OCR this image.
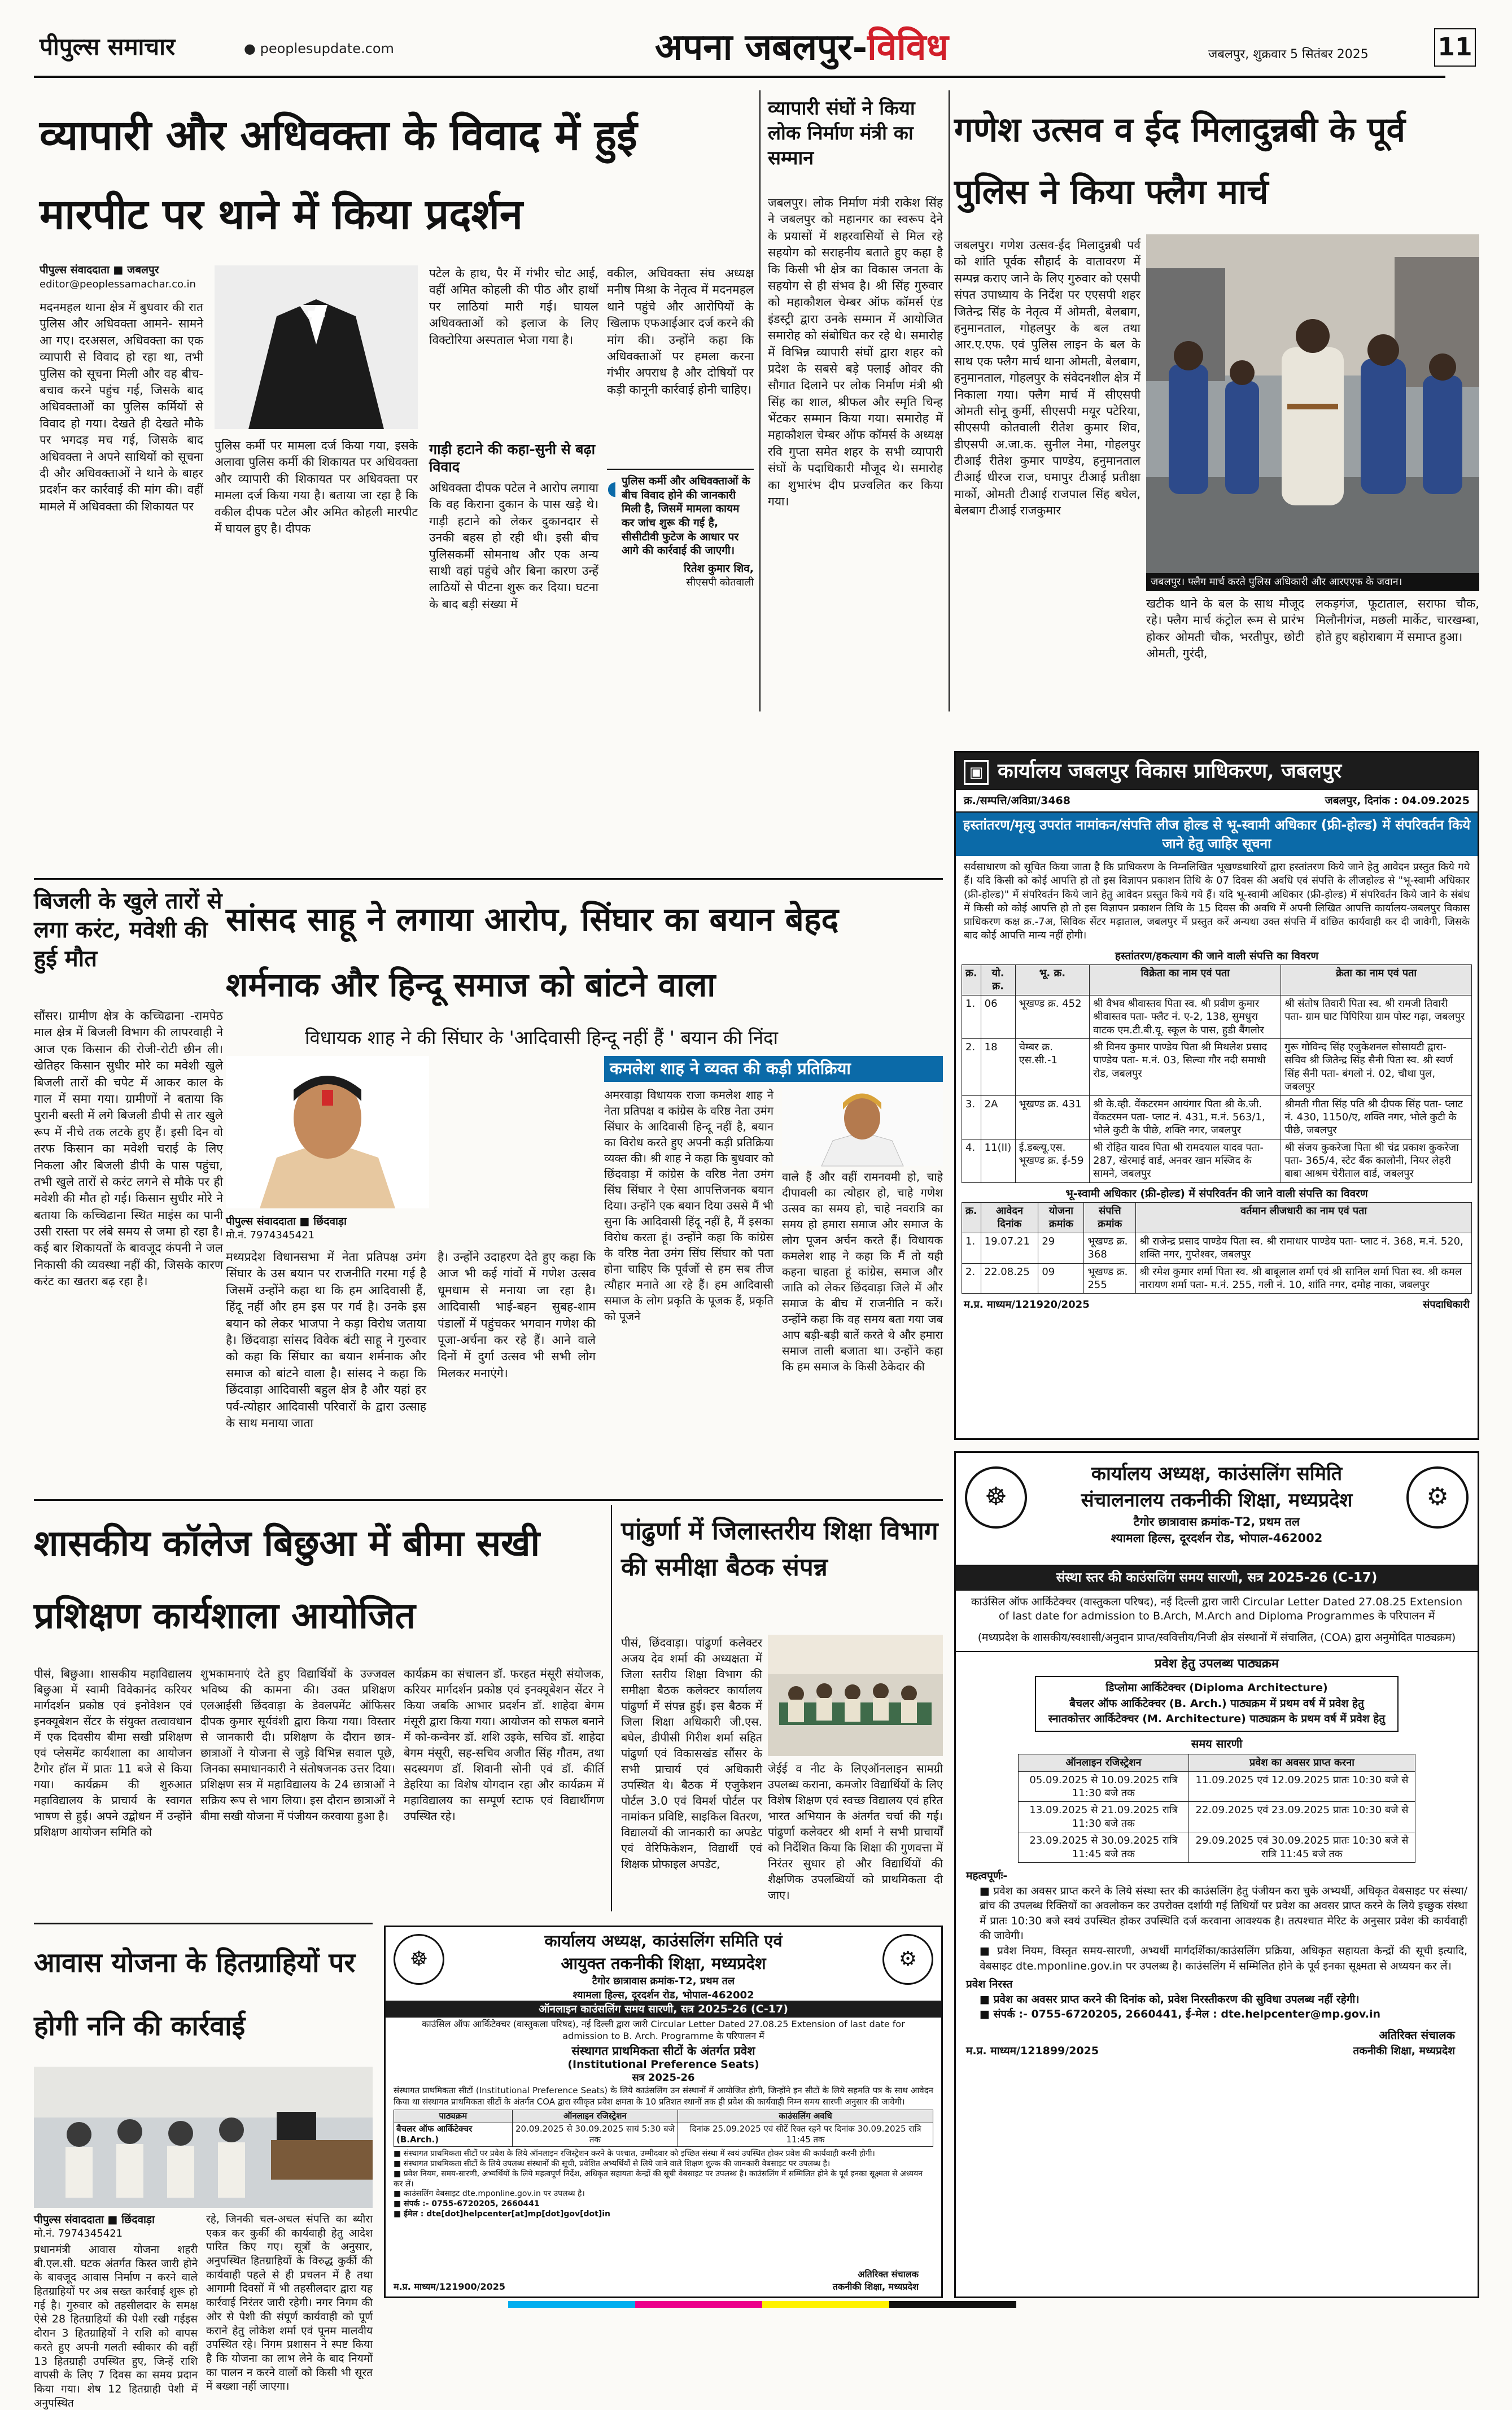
पीपुल्स समाचार	● peoplesupdate.com	अपना जबलपुर-विविध	जबलपुर, शुक्रवार 5 सितंबर 2025	11
व्यापारी और अधिवक्ता के विवाद में हुई मारपीट पर थाने में किया प्रदर्शन
पीपुल्स संवाददाता ■ जबलपुर
editor@peoplessamachar.co.in
मदनमहल थाना क्षेत्र में बुधवार की रात पुलिस और अधिवक्ता आमने- सामने आ गए। दरअसल, अधिवक्ता का एक व्यापारी से विवाद हो रहा था, तभी पुलिस को सूचना मिली और वह बीच- बचाव करने पहुंच गई, जिसके बाद अधिवक्ताओं का पुलिस कर्मियों से विवाद हो गया। देखते ही देखते मौके पर भगदड़ मच गई, जिसके बाद अधिवक्ता ने अपने साथियों को सूचना दी और अधिवक्ताओं ने थाने के बाहर प्रदर्शन कर कार्रवाई की मांग की। वहीं मामले में अधिवक्ता की शिकायत पर
पुलिस कर्मी पर मामला दर्ज किया गया, इसके अलावा पुलिस कर्मी की शिकायत पर अधिवक्ता और व्यापारी की शिकायत पर अधिवक्ता पर मामला दर्ज किया गया है। बताया जा रहा है कि वकील दीपक पटेल और अमित कोहली मारपीट में घायल हुए है। दीपक
पटेल के हाथ, पैर में गंभीर चोट आई, वहीं अमित कोहली की पीठ और हाथों पर लाठियां मारी गई। घायल अधिवक्ताओं को इलाज के लिए विक्टोरिया अस्पताल भेजा गया है।
गाड़ी हटाने की कहा-सुनी से बढ़ा विवाद
अधिवक्ता दीपक पटेल ने आरोप लगाया कि वह किराना दुकान के पास खड़े थे। गाड़ी हटाने को लेकर दुकानदार से उनकी बहस हो रही थी। इसी बीच पुलिसकर्मी सोमनाथ और एक अन्य साथी वहां पहुंचे और बिना कारण उन्हें लाठियों से पीटना शुरू कर दिया। घटना के बाद बड़ी संख्या में
वकील, अधिवक्ता संघ अध्यक्ष मनीष मिश्रा के नेतृत्व में मदनमहल थाने पहुंचे और आरोपियों के खिलाफ एफआईआर दर्ज करने की मांग की। उन्होंने कहा कि अधिवक्ताओं पर हमला करना गंभीर अपराध है और दोषियों पर कड़ी कानूनी कार्रवाई होनी चाहिए।
◖ पुलिस कर्मी और अधिवक्ताओं के बीच विवाद होने की जानकारी मिली है, जिसमें मामला कायम कर जांच शुरू की गई है, सीसीटीवी फुटेज के आधार पर आगे की कार्रवाई की जाएगी।
रितेश कुमार शिव,
सीएसपी कोतवाली
व्यापारी संघों ने किया लोक निर्माण मंत्री का सम्मान
जबलपुर। लोक निर्माण मंत्री राकेश सिंह ने जबलपुर को महानगर का स्वरूप देने के प्रयासों में शहरवासियों से मिल रहे सहयोग को सराहनीय बताते हुए कहा है कि किसी भी क्षेत्र का विकास जनता के सहयोग से ही संभव है। श्री सिंह गुरुवार को महाकौशल चेम्बर ऑफ कॉमर्स एंड इंडस्ट्री द्वारा उनके सम्मान में आयोजित समारोह को संबोधित कर रहे थे। समारोह में विभिन्न व्यापारी संघों द्वारा शहर को प्रदेश के सबसे बड़े फ्लाई ओवर की सौगात दिलाने पर लोक निर्माण मंत्री श्री सिंह का शाल, श्रीफल और स्मृति चिन्ह भेंटकर सम्मान किया गया। समारोह में महाकौशल चेम्बर ऑफ कॉमर्स के अध्यक्ष रवि गुप्ता समेत शहर के सभी व्यापारी संघों के पदाधिकारी मौजूद थे। समारोह का शुभारंभ दीप प्रज्वलित कर किया गया।
गणेश उत्सव व ईद मिलादुन्नबी के पूर्व पुलिस ने किया फ्लैग मार्च
जबलपुर। गणेश उत्सव-ईद मिलादुन्नबी पर्व को शांति पूर्वक सौहार्द के वातावरण में सम्पन्न कराए जाने के लिए गुरुवार को एसपी संपत उपाध्याय के निर्देश पर एएसपी शहर जितेन्द्र सिंह के नेतृत्व में ओमती, बेलबाग, हनुमानताल, गोहलपुर के बल तथा आर.ए.एफ. एवं पुलिस लाइन के बल के साथ एक फ्लैग मार्च थाना ओमती, बेलबाग, हनुमानताल, गोहलपुर के संवेदनशील क्षेत्र में निकाला गया। फ्लैग मार्च में सीएसपी ओमती सोनू कुर्मी, सीएसपी मयूर पटेरिया, सीएसपी कोतवाली रीतेश कुमार शिव, डीएसपी अ.जा.क. सुनील नेमा, गोहलपुर टीआई रीतेश कुमार पाण्डेय, हनुमानताल टीआई धीरज राज, घमापुर टीआई प्रतीक्षा मार्को, ओमती टीआई राजपाल सिंह बघेल, बेलबाग टीआई राजकुमार
जबलपुर। फ्लैग मार्च करते पुलिस अधिकारी और आरएएफ के जवान।
खटीक थाने के बल के साथ मौजूद रहे। फ्लैग मार्च कंट्रोल रूम से प्रारंभ होकर ओमती चौक, भरतीपुर, छोटी ओमती, गुरंदी,
लकड़गंज, फूटाताल, सराफा चौक, मिलौनीगंज, मछली मार्केट, चारखम्बा, होते हुए बहोराबाग में समाप्त हुआ।
बिजली के खुले तारों से लगा करंट, मवेशी की हुई मौत
सौंसर। ग्रामीण क्षेत्र के कच्चिढाना -रामपेठ माल क्षेत्र में बिजली विभाग की लापरवाही ने आज एक किसान की रोजी-रोटी छीन ली। खेतिहर किसान सुधीर मोरे का मवेशी खुले बिजली तारों की चपेट में आकर काल के गाल में समा गया। ग्रामीणों ने बताया कि पुरानी बस्ती में लगे बिजली डीपी से तार खुले रूप में नीचे तक लटके हुए हैं। इसी दिन वो तरफ किसान का मवेशी चराई के लिए निकला और बिजली डीपी के पास पहुंचा, तभी खुले तारों से करंट लगने से मौके पर ही मवेशी की मौत हो गई। किसान सुधीर मोरे ने बताया कि कच्चिढाना स्थित माइंस का पानी उसी रास्ता पर लंबे समय से जमा हो रहा है। कई बार शिकायतों के बावजूद कंपनी ने जल निकासी की व्यवस्था नहीं की, जिसके कारण करंट का खतरा बढ़ रहा है।
सांसद साहू ने लगाया आरोप, सिंघार का बयान बेहद शर्मनाक और हिन्दू समाज को बांटने वाला
विधायक शाह ने की सिंघार के 'आदिवासी हिन्दू नहीं हैं ' बयान की निंदा
पीपुल्स संवाददाता ■ छिंदवाड़ा
मो.नं. 7974345421
मध्यप्रदेश विधानसभा में नेता प्रतिपक्ष उमंग सिंघार के उस बयान पर राजनीति गरमा गई है जिसमें उन्होंने कहा था कि हम आदिवासी हैं, हिंदू नहीं और हम इस पर गर्व है। उनके इस बयान को लेकर भाजपा ने कड़ा विरोध जताया है। छिंदवाड़ा सांसद विवेक बंटी साहू ने गुरुवार को कहा कि सिंघार का बयान शर्मनाक और समाज को बांटने वाला है। सांसद ने कहा कि छिंदवाड़ा आदिवासी बहुल क्षेत्र है और यहां हर पर्व-त्योहार आदिवासी परिवारों के द्वारा उत्साह के साथ मनाया जाता
है। उन्होंने उदाहरण देते हुए कहा कि आज भी कई गांवों में गणेश उत्सव धूमधाम से मनाया जा रहा है। आदिवासी भाई-बहन सुबह-शाम पंडालों में पहुंचकर भगवान गणेश की पूजा-अर्चना कर रहे हैं। आने वाले दिनों में दुर्गा उत्सव भी सभी लोग मिलकर मनाएंगे।
कमलेश शाह ने व्यक्त की कड़ी प्रतिक्रिया
अमरवाड़ा विधायक राजा कमलेश शाह ने नेता प्रतिपक्ष व कांग्रेस के वरिष्ठ नेता उमंग सिंघार के आदिवासी हिन्दू नहीं है, बयान का विरोध करते हुए अपनी कड़ी प्रतिक्रिया व्यक्त की। श्री शाह ने कहा कि बुधवार को छिंदवाड़ा में कांग्रेस के वरिष्ठ नेता उमंग सिंघ सिंघार ने ऐसा आपत्तिजनक बयान दिया। उन्होंने एक बयान दिया उससे मैं भी सुना कि आदिवासी हिंदू नहीं है, मैं इसका विरोध करता हूं। उन्होंने कहा कि कांग्रेस के वरिष्ठ नेता उमंग सिंघ सिंघार को पता होना चाहिए कि पूर्वजों से हम सब तीज त्यौहार मनाते आ रहे हैं। हम आदिवासी समाज के लोग प्रकृति के पूजक हैं, प्रकृति को पूजने
वाले हैं और वहीं रामनवमी हो, चाहे दीपावली का त्योहार हो, चाहे गणेश उत्सव का समय हो, चाहे नवरात्रि का समय हो हमारा समाज और समाज के लोग पूजन अर्चन करते हैं। विधायक कमलेश शाह ने कहा कि मैं तो यही कहना चाहता हूं कांग्रेस, समाज और जाति को लेकर छिंदवाड़ा जिले में और समाज के बीच में राजनीति न करें। उन्होंने कहा कि वह समय बता गया जब आप बड़ी-बड़ी बातें करते थे और हमारा समाज ताली बजाता था। उन्होंने कहा कि हम समाज के किसी ठेकेदार की
शासकीय कॉलेज बिछुआ में बीमा सखी प्रशिक्षण कार्यशाला आयोजित
पीसं, बिछुआ। शासकीय महाविद्यालय बिछुआ में स्वामी विवेकानंद करियर मार्गदर्शन प्रकोष्ठ एवं इनोवेशन एवं इनक्यूबेशन सेंटर के संयुक्त तत्वावधान में एक दिवसीय बीमा सखी प्रशिक्षण एवं प्लेसमेंट कार्यशाला का आयोजन टैगोर हॉल में प्रातः 11 बजे से किया गया। कार्यक्रम की शुरुआत महाविद्यालय के प्राचार्य के स्वागत भाषण से हुई। अपने उद्बोधन में उन्होंने प्रशिक्षण आयोजन समिति को
शुभकामनाएं देते हुए विद्यार्थियों के उज्जवल भविष्य की कामना की। उक्त प्रशिक्षण एलआईसी छिंदवाड़ा के डेवलपमेंट ऑफिसर दीपक कुमार सूर्यवंशी द्वारा किया गया। विस्तार से जानकारी दी। प्रशिक्षण के दौरान छात्र-छात्राओं ने योजना से जुड़े विभिन्न सवाल पूछे, जिनका समाधानकारी ने संतोषजनक उत्तर दिया। प्रशिक्षण सत्र में महाविद्यालय के 24 छात्राओं ने सक्रिय रूप से भाग लिया। इस दौरान छात्राओं ने बीमा सखी योजना में पंजीयन करवाया हुआ है।
कार्यक्रम का संचालन डॉ. फरहत मंसूरी संयोजक, करियर मार्गदर्शन प्रकोष्ठ एवं इनक्यूबेशन सेंटर ने किया जबकि आभार प्रदर्शन डॉ. शाहेदा बेगम मंसूरी द्वारा किया गया। आयोजन को सफल बनाने में को-कन्वेनर डॉ. शशि उइके, सचिव डॉ. शाहेदा बेगम मंसूरी, सह-सचिव अजीत सिंह गौतम, तथा सदस्यगण डॉ. शिवानी सोनी एवं डॉ. कीर्ति डेहरिया का विशेष योगदान रहा और कार्यक्रम में महाविद्यालय का सम्पूर्ण स्टाफ एवं विद्यार्थीगण उपस्थित रहे।
पांढुर्णा में जिलास्तरीय शिक्षा विभाग की समीक्षा बैठक संपन्न
पीसं, छिंदवाड़ा। पांढुर्णा कलेक्टर अजय देव शर्मा की अध्यक्षता में जिला स्तरीय शिक्षा विभाग की समीक्षा बैठक कलेक्टर कार्यालय पांढुर्णा में संपन्न हुई। इस बैठक में जिला शिक्षा अधिकारी जी.एस. बघेल, डीपीसी गिरीश शर्मा सहित पांढुर्णा एवं विकासखंड सौंसर के सभी प्राचार्य एवं अधिकारी उपस्थित थे। बैठक में एजुकेशन पोर्टल 3.0 एवं विमर्श पोर्टल पर नामांकन प्रविष्टि, साइकिल वितरण, विद्यालयों की जानकारी का अपडेट एवं वेरिफिकेशन, विद्यार्थी एवं शिक्षक प्रोफाइल अपडेट,
जेईई व नीट के लिएऑनलाइन सामग्री उपलब्ध कराना, कमजोर विद्यार्थियों के लिए विशेष शिक्षण एवं स्वच्छ विद्यालय एवं हरित भारत अभियान के अंतर्गत चर्चा की गई। पांढुर्णा कलेक्टर श्री शर्मा ने सभी प्राचार्यों को निर्देशित किया कि शिक्षा की गुणवत्ता में निरंतर सुधार हो और विद्यार्थियों की शैक्षणिक उपलब्धियों को प्राथमिकता दी जाए।
आवास योजना के हितग्राहियों पर होगी ननि की कार्रवाई
पीपुल्स संवाददाता ■ छिंदवाड़ा
मो.नं. 7974345421
प्रधानमंत्री आवास योजना शहरी बी.एल.सी. घटक अंतर्गत किस्त जारी होने के बावजूद आवास निर्माण न करने वाले हितग्राहियों पर अब सख्त कार्रवाई शुरू हो गई है। गुरुवार को तहसीलदार के समक्ष ऐसे 28 हितग्राहियों की पेशी रखी गईइस दौरान 3 हितग्राहियों ने राशि को वापस करते हुए अपनी गलती स्वीकार की वहीं 13 हितग्राही उपस्थित हुए, जिन्हें राशि वापसी के लिए 7 दिवस का समय प्रदान किया गया। शेष 12 हितग्राही पेशी में अनुपस्थित
रहे, जिनकी चल-अचल संपत्ति का ब्यौरा एकत्र कर कुर्की की कार्यवाही हेतु आदेश पारित किए गए। सूत्रों के अनुसार, अनुपस्थित हितग्राहियों के विरुद्ध कुर्की की कार्यवाही पहले से ही प्रचलन में है तथा आगामी दिवसों में भी तहसीलदार द्वारा यह कार्रवाई निरंतर जारी रहेगी। नगर निगम की ओर से पेशी की संपूर्ण कार्यवाही को पूर्ण कराने हेतु लोकेश शर्मा एवं पूनम मालवीय उपस्थित रहे। निगम प्रशासन ने स्पष्ट किया है कि योजना का लाभ लेने के बाद नियमों का पालन न करने वालों को किसी भी सूरत में बख्शा नहीं जाएगा।
▣ कार्यालय जबलपुर विकास प्राधिकरण, जबलपुर
क्र./सम्पत्ति/अविप्रा/3468	जबलपुर, दिनांक : 04.09.2025
हस्तांतरण/मृत्यु उपरांत नामांकन/संपत्ति लीज होल्ड से भू-स्वामी अधिकार (फ्री-होल्ड) में संपरिवर्तन किये जाने हेतु जाहिर सूचना
सर्वसाधारण को सूचित किया जाता है कि प्राधिकरण के निम्नलिखित भूखण्डधारियों द्वारा हस्तांतरण किये जाने हेतु आवेदन प्रस्तुत किये गये हैं। यदि किसी को कोई आपत्ति हो तो इस विज्ञापन प्रकाशन तिथि के 07 दिवस की अवधि एवं संपत्ति के लीजहोल्ड से "भू-स्वामी अधिकार (फ्री-होल्ड)" में संपरिवर्तन किये जाने हेतु आवेदन प्रस्तुत किये गये हैं। यदि भू-स्वामी अधिकार (फ्री-होल्ड) में संपरिवर्तन किये जाने के संबंध में किसी को कोई आपत्ति हो तो इस विज्ञापन प्रकाशन तिथि के 15 दिवस की अवधि में अपनी लिखित आपत्ति कार्यालय-जबलपुर विकास प्राधिकरण कक्ष क्र.-7अ, सिविक सेंटर मढ़ाताल, जबलपुर में प्रस्तुत करें अन्यथा उक्त संपत्ति में वांछित कार्यवाही कर दी जावेगी, जिसके बाद कोई आपत्ति मान्य नहीं होगी।
हस्तांतरण/हकत्याग की जाने वाली संपत्ति का विवरण
क्र.	यो. क्र.	भू. क्र.	विक्रेता का नाम एवं पता	क्रेता का नाम एवं पता
1.	06	भूखण्ड क्र. 452	श्री वैभव श्रीवास्तव पिता स्व. श्री प्रवीण कुमार श्रीवास्तव पता- फ्लैट नं. ए-2, 138, सुमधुरा वाटक एम.टी.बी.यू. स्कूल के पास, हुडी बैंगलोर	श्री संतोष तिवारी पिता स्व. श्री रामजी तिवारी पता- ग्राम घाट पिपिरिया ग्राम पोस्ट गढ़ा, जबलपुर
2.	18	चेम्बर क्र. एस.सी.-1	श्री विनय कुमार पाण्डेय पिता श्री मिथलेश प्रसाद पाण्डेय पता- म.नं. 03, सिल्वा गौर नदी समाधी रोड, जबलपुर	गुरू गोविन्द सिंह एजुकेशनल सोसायटी द्वारा- सचिव श्री जितेन्द्र सिंह सैनी पिता स्व. श्री स्वर्ण सिंह सैनी पता- बंगलो नं. 02, चौथा पुल, जबलपुर
3.	2A	भूखण्ड क्र. 431	श्री के.व्ही. वेंकटरमन आयंगार पिता श्री के.जी. वेंकटरमन पता- प्लाट नं. 431, म.नं. 563/1, भोले कुटी के पीछे, शक्ति नगर, जबलपुर	श्रीमती गीता सिंह पति श्री दीपक सिंह पता- प्लाट नं. 430, 1150/ए, शक्ति नगर, भोले कुटी के पीछे, जबलपुर
4.	11(II)	ई.डब्ल्यू.एस. भूखण्ड क्र. ई-59	श्री रोहित यादव पिता श्री रामदयाल यादव पता- 287, खेरमाई वार्ड, अनवर खान मस्जिद के सामने, जबलपुर	श्री संजय कुकरेजा पिता श्री चंद्र प्रकाश कुकरेजा पता- 365/4, स्टेट बैंक कालोनी, नियर लेहरी बाबा आश्रम चेरीताल वार्ड, जबलपुर
भू-स्वामी अधिकार (फ्री-होल्ड) में संपरिवर्तन की जाने वाली संपत्ति का विवरण
क्र.	आवेदन दिनांक	योजना क्रमांक	संपत्ति क्रमांक	वर्तमान लीजधारी का नाम एवं पता
1.	19.07.21	29	भूखण्ड क्र. 368	श्री राजेन्द्र प्रसाद पाण्डेय पिता स्व. श्री रामाधार पाण्डेय पता- प्लाट नं. 368, म.नं. 520, शक्ति नगर, गुप्तेश्वर, जबलपुर
2.	22.08.25	09	भूखण्ड क्र. 255	श्री रमेश कुमार शर्मा पिता स्व. श्री बाबूलाल शर्मा एवं श्री सानिल शर्मा पिता स्व. श्री कमल नारायण शर्मा पता- म.नं. 255, गली नं. 10, शांति नगर, दमोह नाका, जबलपुर
म.प्र. माध्यम/121920/2025	संपदाधिकारी
☸	⚙
कार्यालय अध्यक्ष, काउंसलिंग समिति
संचालनालय तकनीकी शिक्षा, मध्यप्रदेश
टैगोर छात्रावास क्रमांक-T2, प्रथम तल
श्यामला हिल्स, दूरदर्शन रोड, भोपाल-462002
संस्था स्तर की काउंसलिंग समय सारणी, सत्र 2025-26 (C-17)
काउंसिल ऑफ आर्किटेक्चर (वास्तुकला परिषद), नई दिल्ली द्वारा जारी Circular Letter Dated 27.08.25 Extension of last date for admission to B.Arch, M.Arch and Diploma Programmes के परिपालन में
(मध्यप्रदेश के शासकीय/स्वशासी/अनुदान प्राप्त/स्ववित्तीय/निजी क्षेत्र संस्थानों में संचालित, (COA) द्वारा अनुमोदित पाठ्यक्रम)
प्रवेश हेतु उपलब्ध पाठ्यक्रम
डिप्लोमा आर्किटेक्चर (Diploma Architecture)
बैचलर ऑफ आर्किटेक्चर (B. Arch.) पाठ्यक्रम में प्रथम वर्ष में प्रवेश हेतु
स्नातकोत्तर आर्किटेक्चर (M. Architecture) पाठ्यक्रम के प्रथम वर्ष में प्रवेश हेतु
समय सारणी
ऑनलाइन रजिस्ट्रेशन	प्रवेश का अवसर प्राप्त करना
05.09.2025 से 10.09.2025 रात्रि 11:30 बजे तक	11.09.2025 एवं 12.09.2025 प्रातः 10:30 बजे से
13.09.2025 से 21.09.2025 रात्रि 11:30 बजे तक	22.09.2025 एवं 23.09.2025 प्रातः 10:30 बजे से
23.09.2025 से 30.09.2025 रात्रि 11:45 बजे तक	29.09.2025 एवं 30.09.2025 प्रातः 10:30 बजे से रात्रि 11:45 बजे तक
महत्वपूर्णः-
■ प्रवेश का अवसर प्राप्त करने के लिये संस्था स्तर की काउंसलिंग हेतु पंजीयन करा चुके अभ्यर्थी, अधिकृत वेबसाइट पर संस्था/ब्रांच की उपलब्ध रिक्तियों का अवलोकन कर उपरोक्त दर्शायी गई तिथियों पर प्रवेश का अवसर प्राप्त करने के लिये इच्छुक संस्था में प्रातः 10:30 बजे स्वयं उपस्थित होकर उपस्थिति दर्ज करवाना आवश्यक है। तत्पश्चात मेरिट के अनुसार प्रवेश की कार्यवाही की जावेगी।
■ प्रवेश नियम, विस्तृत समय-सारणी, अभ्यर्थी मार्गदर्शिका/काउंसलिंग प्रक्रिया, अधिकृत सहायता केन्द्रों की सूची इत्यादि, वेबसाइट dte.mponline.gov.in पर उपलब्ध है। काउंसलिंग में सम्मिलित होने के पूर्व इनका सूक्ष्मता से अध्ययन कर लें।
प्रवेश निरस्त
■ प्रवेश का अवसर प्राप्त करने की दिनांक को, प्रवेश निरस्तीकरण की सुविधा उपलब्ध नहीं रहेगी।
■ संपर्क :- 0755-6720205, 2660441, ई-मेल : dte.helpcenter@mp.gov.in
अतिरिक्त संचालक
म.प्र. माध्यम/121899/2025	तकनीकी शिक्षा, मध्यप्रदेश
☸	⚙
कार्यालय अध्यक्ष, काउंसलिंग समिति एवं
आयुक्त तकनीकी शिक्षा, मध्यप्रदेश
टैगोर छात्रावास क्रमांक-T2, प्रथम तल
श्यामला हिल्स, दूरदर्शन रोड, भोपाल-462002
ऑनलाइन काउंसलिंग समय सारणी, सत्र 2025-26 (C-17)
काउंसिल ऑफ आर्किटेक्चर (वास्तुकला परिषद), नई दिल्ली द्वारा जारी Circular Letter Dated 27.08.25 Extension of last date for admission to B. Arch. Programme के परिपालन में
संस्थागत प्राथमिकता सीटों के अंतर्गत प्रवेश
(Institutional Preference Seats)
सत्र 2025-26
संस्थागत प्राथमिकता सीटों (Institutional Preference Seats) के लिये काउंसलिंग उन संस्थानों में आयोजित होगी, जिन्होंने इन सीटों के लिये सहमति पत्र के साथ आवेदन किया था संस्थागत प्राथमिकता सीटों के अंतर्गत COA द्वारा स्वीकृत प्रवेश क्षमता के 10 प्रतिशत स्थानों तक ही प्रवेश की कार्यवाही निम्न समय सारणी अनुसार की जावेगी।
पाठ्यक्रम	ऑनलाइन रजिस्ट्रेशन	काउंसलिंग अवधि
बैचलर ऑफ आर्किटेक्चर (B.Arch.)	20.09.2025 से 30.09.2025 सायं 5:30 बजे तक	दिनांक 25.09.2025 एवं सीटें रिक्त रहने पर दिनांक 30.09.2025 रात्रि 11:45 तक
■ संस्थागत प्राथमिकता सीटों पर प्रवेश के लिये ऑनलाइन रजिस्ट्रेशन करने के पश्चात, उम्मीदवार को इच्छित संस्था में स्वयं उपस्थित होकर प्रवेश की कार्यवाही करनी होगी।
■ संस्थागत प्राथमिकता सीटों के लिये उपलब्ध संस्थानों की सूची, प्रवेशित अभ्यर्थियों से लिये जाने वाले शिक्षण शुल्क की जानकारी वेबसाइट पर उपलब्ध है।
■ प्रवेश नियम, समय-सारणी, अभ्यर्थियों के लिये महत्वपूर्ण निर्देश, अधिकृत सहायता केन्द्रों की सूची वेबसाइट पर उपलब्ध है। काउंसलिंग में सम्मिलित होने के पूर्व इनका सूक्ष्मता से अध्ययन कर लें।
■ काउंसलिंग वेबसाइट dte.mponline.gov.in पर उपलब्ध है।
■ संपर्क :- 0755-6720205, 2660441
■ ईमेल : dte[dot]helpcenter[at]mp[dot]gov[dot]in
अतिरिक्त संचालक
म.प्र. माध्यम/121900/2025	तकनीकी शिक्षा, मध्यप्रदेश
